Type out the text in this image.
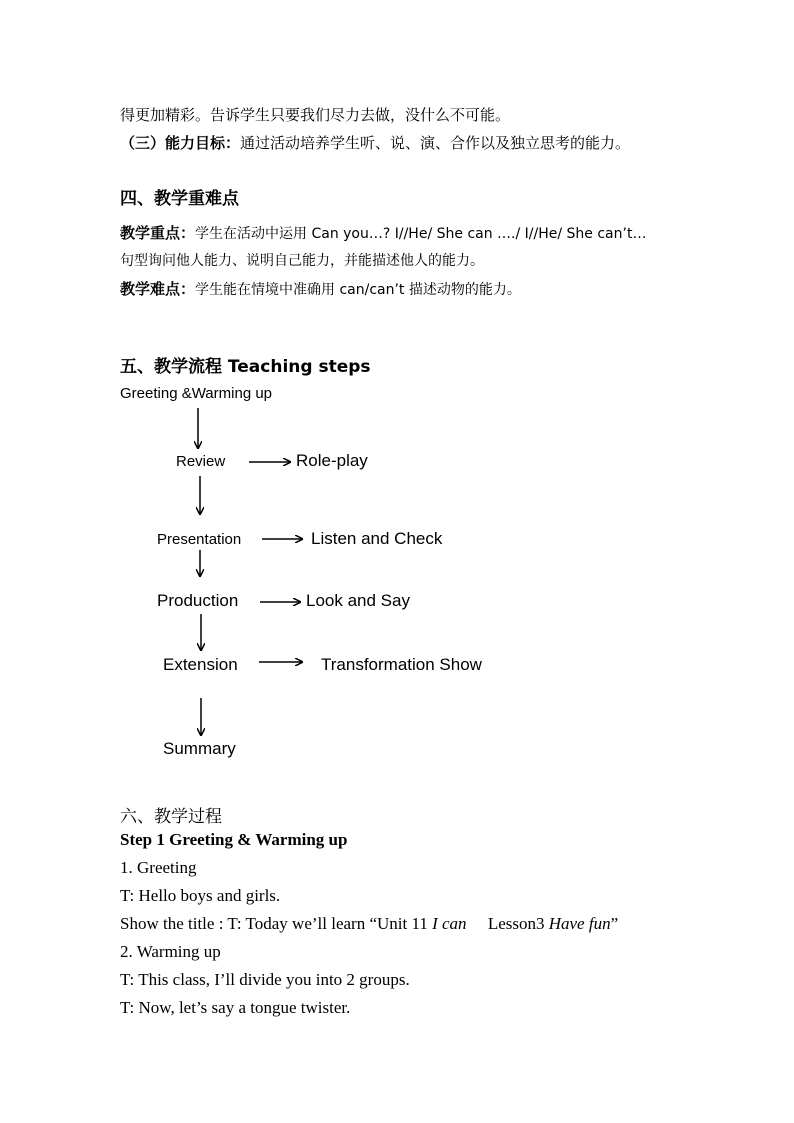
得更加精彩。告诉学生只要我们尽力去做，没什么不可能。
（三）能力目标：通过活动培养学生听、说、演、合作以及独立思考的能力。
四、教学重难点
教学重点：学生在活动中运用 Can you…? I//He/ She can …./ I//He/ She can’t…
句型询问他人能力、说明自己能力，并能描述他人的能力。
教学难点：学生能在情境中准确用 can/can’t 描述动物的能力。
五、教学流程 Teaching steps
Greeting &Warming up
Review	Role-play
Presentation	Listen and Check
Production	Look and Say
Extension	Transformation Show
Summary
六、教学过程
Step 1 Greeting & Warming up
1. Greeting
T: Hello boys and girls.
Show the title : T: Today we’ll learn “Unit 11 I can     Lesson3 Have fun”
2. Warming up
T: This class, I’ll divide you into 2 groups.
T: Now, let’s say a tongue twister.
